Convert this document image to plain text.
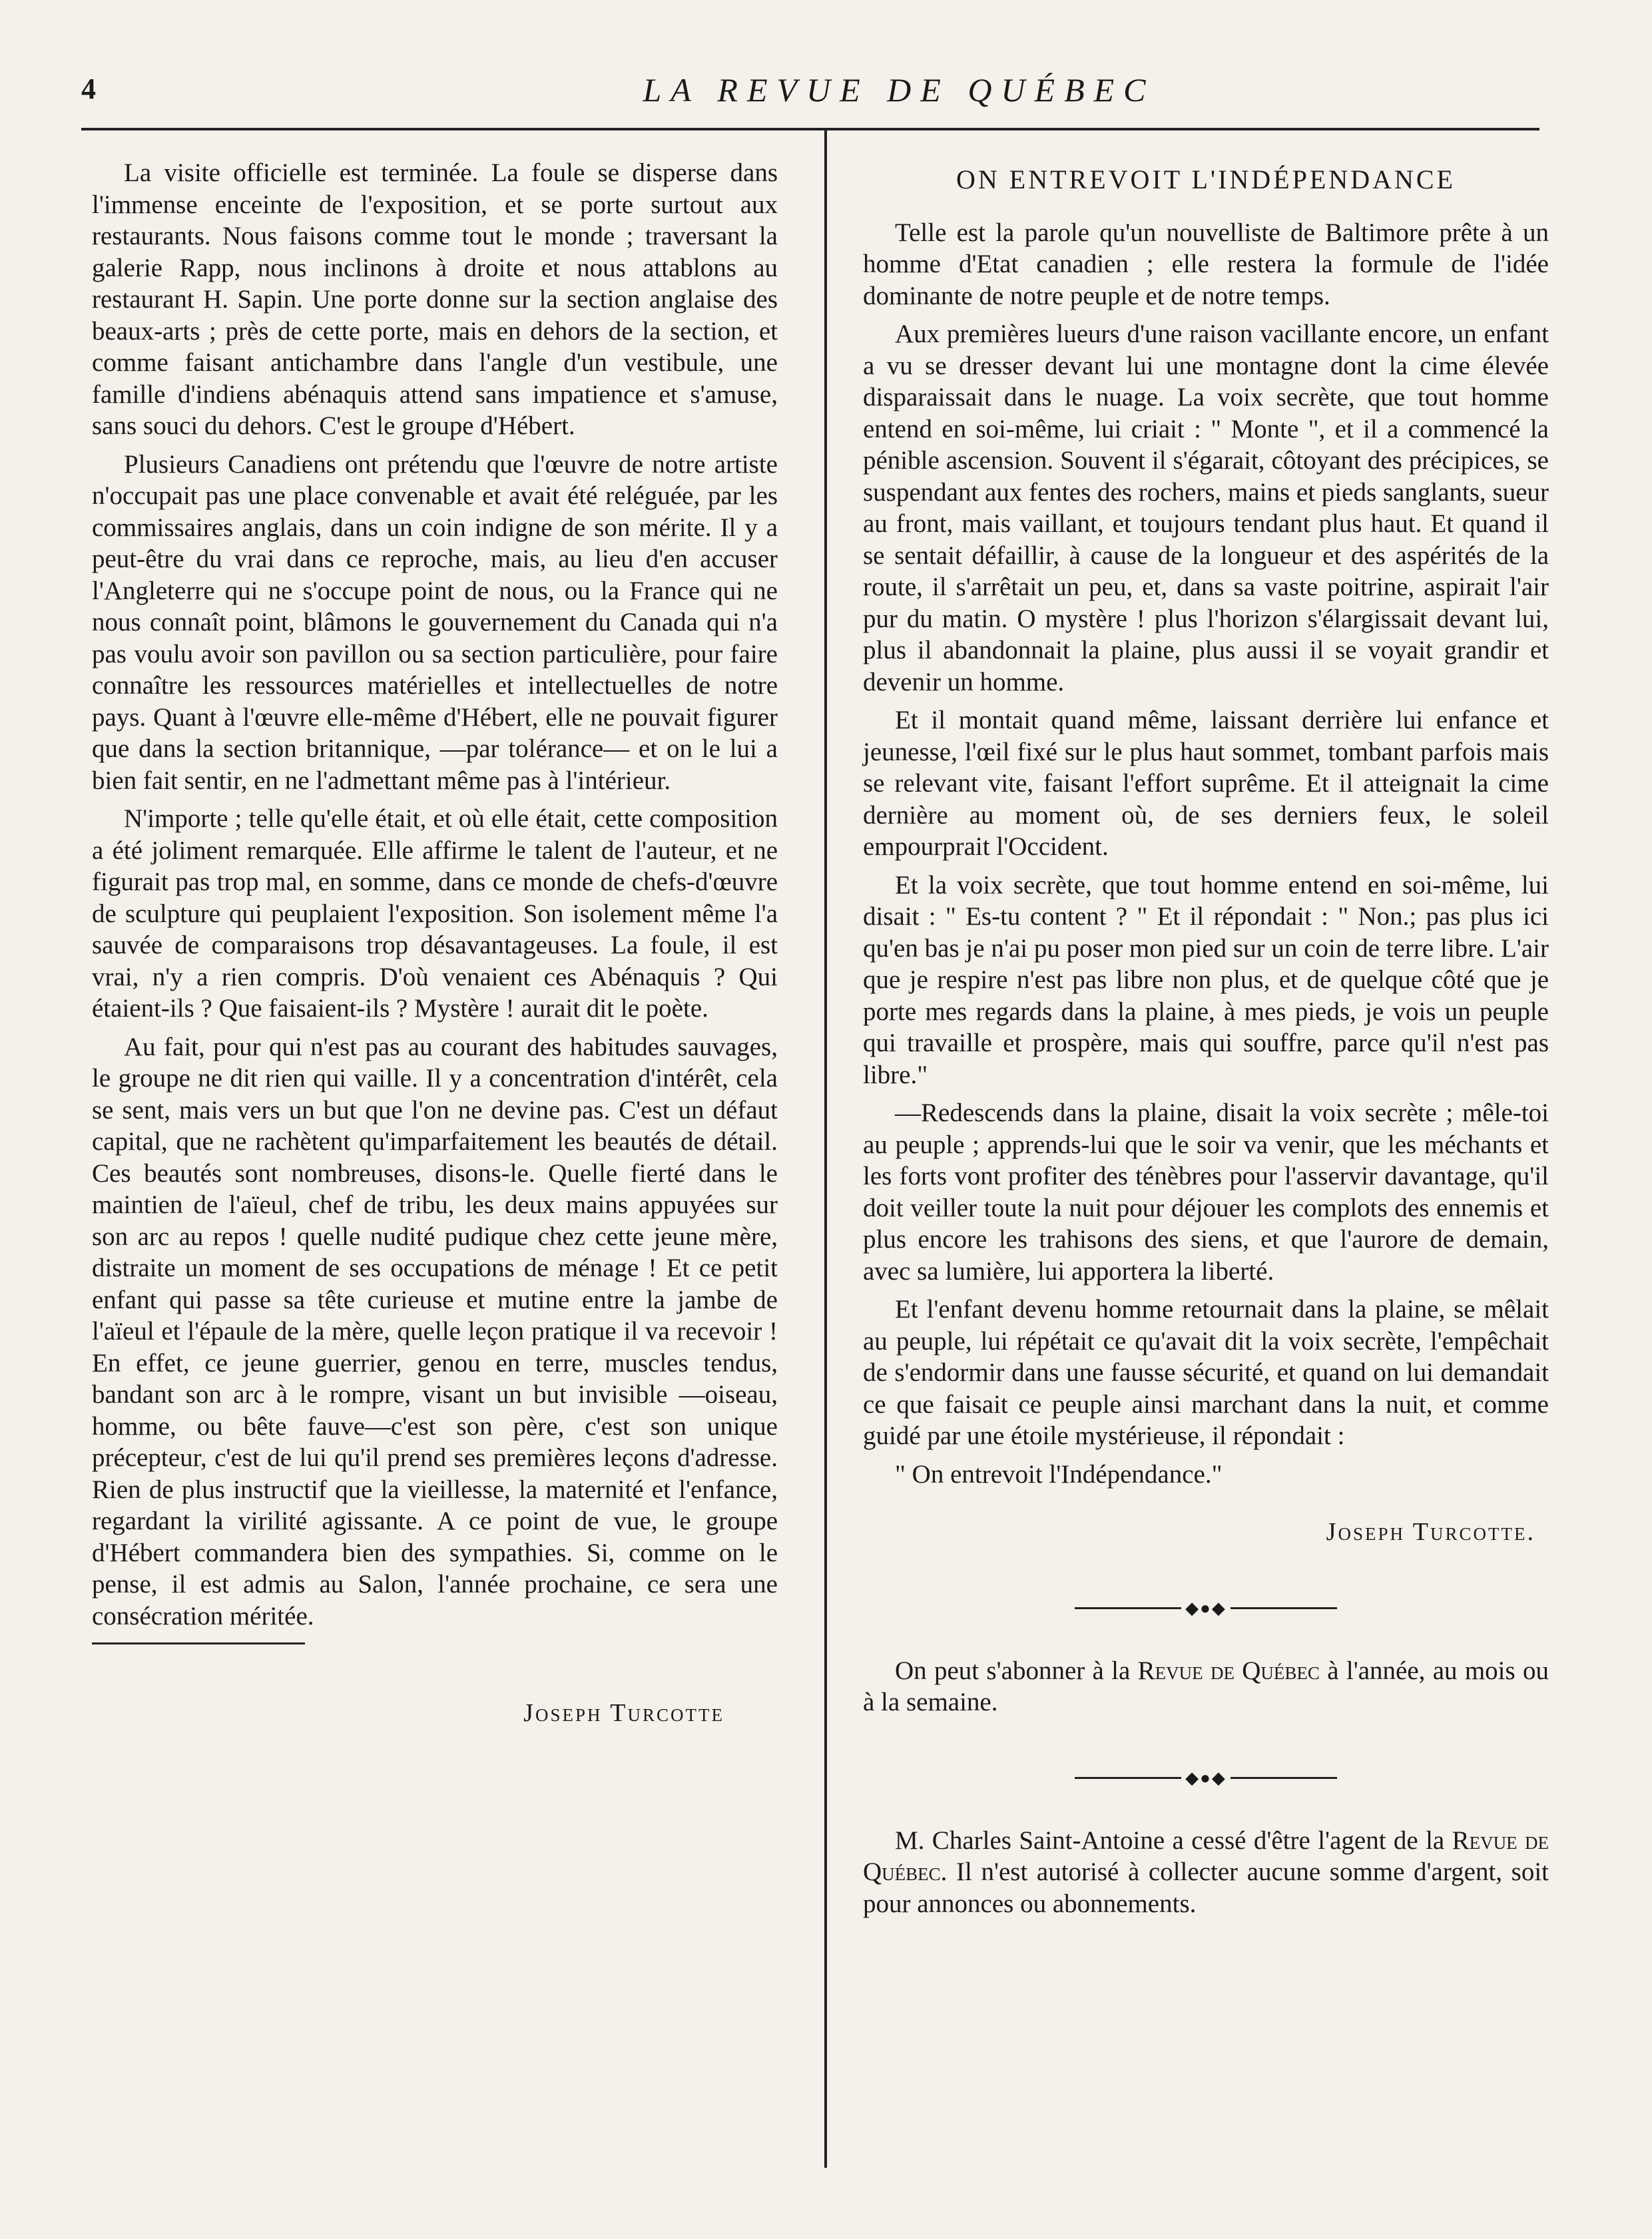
4	LA REVUE DE QUÉBEC

La visite officielle est terminée. La foule se disperse dans l'immense enceinte de l'exposition, et se porte surtout aux restaurants. Nous faisons comme tout le monde ; traversant la galerie Rapp, nous inclinons à droite et nous attablons au restaurant H. Sapin. Une porte donne sur la section anglaise des beaux-arts ; près de cette porte, mais en dehors de la section, et comme faisant antichambre dans l'angle d'un vestibule, une famille d'indiens abénaquis attend sans impatience et s'amuse, sans souci du dehors. C'est le groupe d'Hébert.

Plusieurs Canadiens ont prétendu que l'œuvre de notre artiste n'occupait pas une place convenable et avait été reléguée, par les commissaires anglais, dans un coin indigne de son mérite. Il y a peut-être du vrai dans ce reproche, mais, au lieu d'en accuser l'Angleterre qui ne s'occupe point de nous, ou la France qui ne nous connaît point, blâmons le gouvernement du Canada qui n'a pas voulu avoir son pavillon ou sa section particulière, pour faire connaître les ressources matérielles et intellectuelles de notre pays. Quant à l'œuvre elle-même d'Hébert, elle ne pouvait figurer que dans la section britannique, —par tolérance— et on le lui a bien fait sentir, en ne l'admettant même pas à l'intérieur.

N'importe ; telle qu'elle était, et où elle était, cette composition a été joliment remarquée. Elle affirme le talent de l'auteur, et ne figurait pas trop mal, en somme, dans ce monde de chefs-d'œuvre de sculpture qui peuplaient l'exposition. Son isolement même l'a sauvée de comparaisons trop désavantageuses. La foule, il est vrai, n'y a rien compris. D'où venaient ces Abénaquis ? Qui étaient-ils ? Que faisaient-ils ? Mystère ! aurait dit le poète.

Au fait, pour qui n'est pas au courant des habitudes sauvages, le groupe ne dit rien qui vaille. Il y a concentration d'intérêt, cela se sent, mais vers un but que l'on ne devine pas. C'est un défaut capital, que ne rachètent qu'imparfaitement les beautés de détail. Ces beautés sont nombreuses, disons-le. Quelle fierté dans le maintien de l'aïeul, chef de tribu, les deux mains appuyées sur son arc au repos ! quelle nudité pudique chez cette jeune mère, distraite un moment de ses occupations de ménage ! Et ce petit enfant qui passe sa tête curieuse et mutine entre la jambe de l'aïeul et l'épaule de la mère, quelle leçon pratique il va recevoir ! En effet, ce jeune guerrier, genou en terre, muscles tendus, bandant son arc à le rompre, visant un but invisible —oiseau, homme, ou bête fauve—c'est son père, c'est son unique précepteur, c'est de lui qu'il prend ses premières leçons d'adresse. Rien de plus instructif que la vieillesse, la maternité et l'enfance, regardant la virilité agissante. A ce point de vue, le groupe d'Hébert commandera bien des sympathies. Si, comme on le pense, il est admis au Salon, l'année prochaine, ce sera une consécration méritée.

Joseph Turcotte
ON ENTREVOIT L'INDÉPENDANCE

Telle est la parole qu'un nouvelliste de Baltimore prête à un homme d'Etat canadien ; elle restera la formule de l'idée dominante de notre peuple et de notre temps.

Aux premières lueurs d'une raison vacillante encore, un enfant a vu se dresser devant lui une montagne dont la cime élevée disparaissait dans le nuage. La voix secrète, que tout homme entend en soi-même, lui criait : " Monte ", et il a commencé la pénible ascension. Souvent il s'égarait, côtoyant des précipices, se suspendant aux fentes des rochers, mains et pieds sanglants, sueur au front, mais vaillant, et toujours tendant plus haut. Et quand il se sentait défaillir, à cause de la longueur et des aspérités de la route, il s'arrêtait un peu, et, dans sa vaste poitrine, aspirait l'air pur du matin. O mystère ! plus l'horizon s'élargissait devant lui, plus il abandonnait la plaine, plus aussi il se voyait grandir et devenir un homme.

Et il montait quand même, laissant derrière lui enfance et jeunesse, l'œil fixé sur le plus haut sommet, tombant parfois mais se relevant vite, faisant l'effort suprême. Et il atteignait la cime dernière au moment où, de ses derniers feux, le soleil empourprait l'Occident.

Et la voix secrète, que tout homme entend en soi-même, lui disait : " Es-tu content ? " Et il répondait : " Non.; pas plus ici qu'en bas je n'ai pu poser mon pied sur un coin de terre libre. L'air que je respire n'est pas libre non plus, et de quelque côté que je porte mes regards dans la plaine, à mes pieds, je vois un peuple qui travaille et prospère, mais qui souffre, parce qu'il n'est pas libre."

—Redescends dans la plaine, disait la voix secrète ; mêle-toi au peuple ; apprends-lui que le soir va venir, que les méchants et les forts vont profiter des ténèbres pour l'asservir davantage, qu'il doit veiller toute la nuit pour déjouer les complots des ennemis et plus encore les trahisons des siens, et que l'aurore de demain, avec sa lumière, lui apportera la liberté.

Et l'enfant devenu homme retournait dans la plaine, se mêlait au peuple, lui répétait ce qu'avait dit la voix secrète, l'empêchait de s'endormir dans une fausse sécurité, et quand on lui demandait ce que faisait ce peuple ainsi marchant dans la nuit, et comme guidé par une étoile mystérieuse, il répondait :

" On entrevoit l'Indépendance."
Joseph Turcotte.
◆●◆

On peut s'abonner à la Revue de Québec à l'année, au mois ou à la semaine.

◆●◆

M. Charles Saint-Antoine a cessé d'être l'agent de la Revue de Québec. Il n'est autorisé à collecter aucune somme d'argent, soit pour annonces ou abonnements.
